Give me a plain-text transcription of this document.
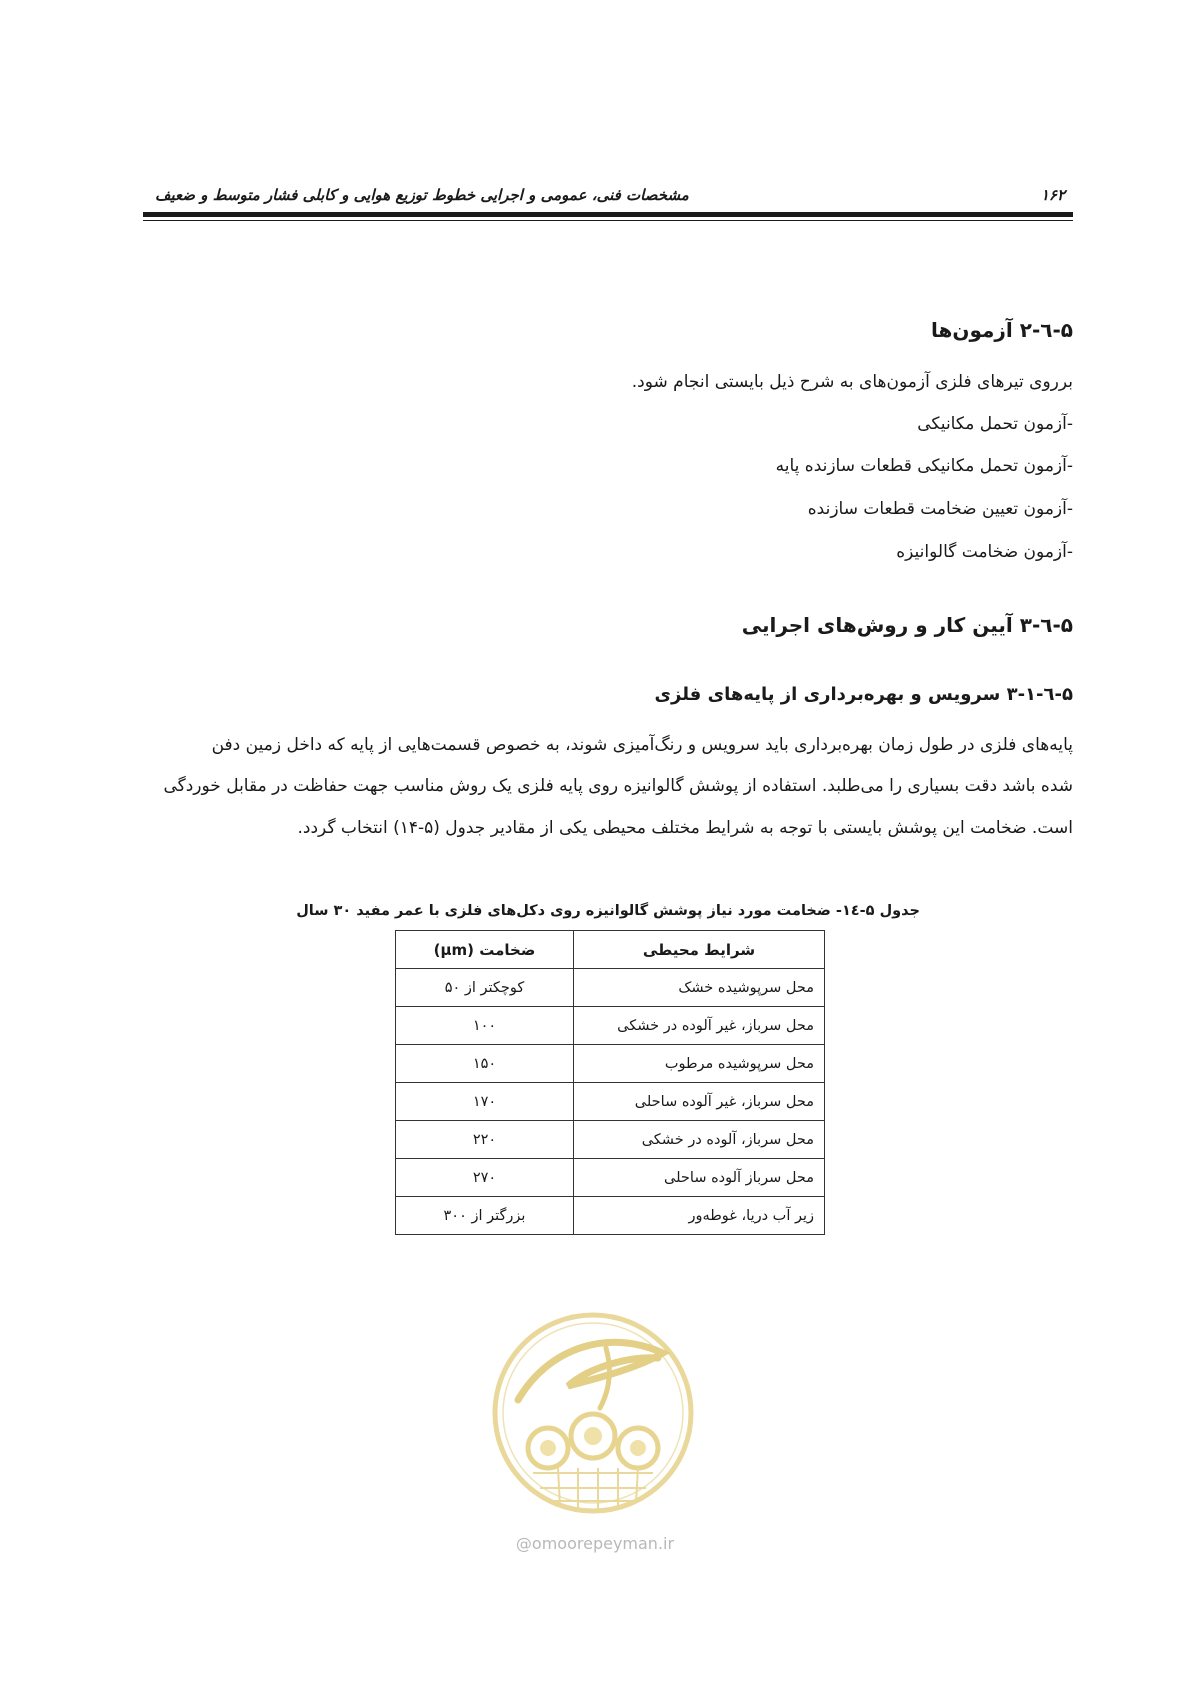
۱۶۲
مشخصات فنی، عمومی و اجرایی خطوط توزیع هوایی و کابلی فشار متوسط و ضعیف
۵-٦-۲ آزمون‌ها
برروی تیرهای فلزی آزمون‌های به شرح ذیل بایستی انجام شود.
-آزمون تحمل مکانیکی
-آزمون تحمل مکانیکی قطعات سازنده پایه
-آزمون تعیین ضخامت قطعات سازنده
-آزمون ضخامت گالوانیزه
۵-٦-۳ آیین کار و روش‌های اجرایی
۵-٦-۳-۱ سرویس و بهره‌برداری از پایه‌های فلزی
پایه‌های فلزی در طول زمان بهره‌برداری باید سرویس و رنگ‌آمیزی شوند، به خصوص قسمت‌هایی از پایه که داخل زمین دفن
شده باشد دقت بسیاری را می‌طلبد. استفاده از پوشش گالوانیزه روی پایه فلزی یک روش مناسب جهت حفاظت در مقابل خوردگی
است. ضخامت این پوشش بایستی با توجه به شرایط مختلف محیطی یکی از مقادیر جدول (۵-۱۴) انتخاب گردد.
جدول ۵-١٤- ضخامت مورد نیاز پوشش گالوانیزه روی دکل‌های فلزی با عمر مفید ۳۰ سال
شرایط محیطی	ضخامت (μm)
محل سرپوشیده خشک	کوچکتر از ۵۰
محل سرباز، غیر آلوده در خشکی	۱۰۰
محل سرپوشیده مرطوب	۱۵۰
محل سرباز، غیر آلوده ساحلی	۱۷۰
محل سرباز، آلوده در خشکی	۲۲۰
محل سرباز آلوده ساحلی	۲۷۰
زیر آب دریا، غوطه‌ور	بزرگتر از ۳۰۰
@omoorepeyman.ir
